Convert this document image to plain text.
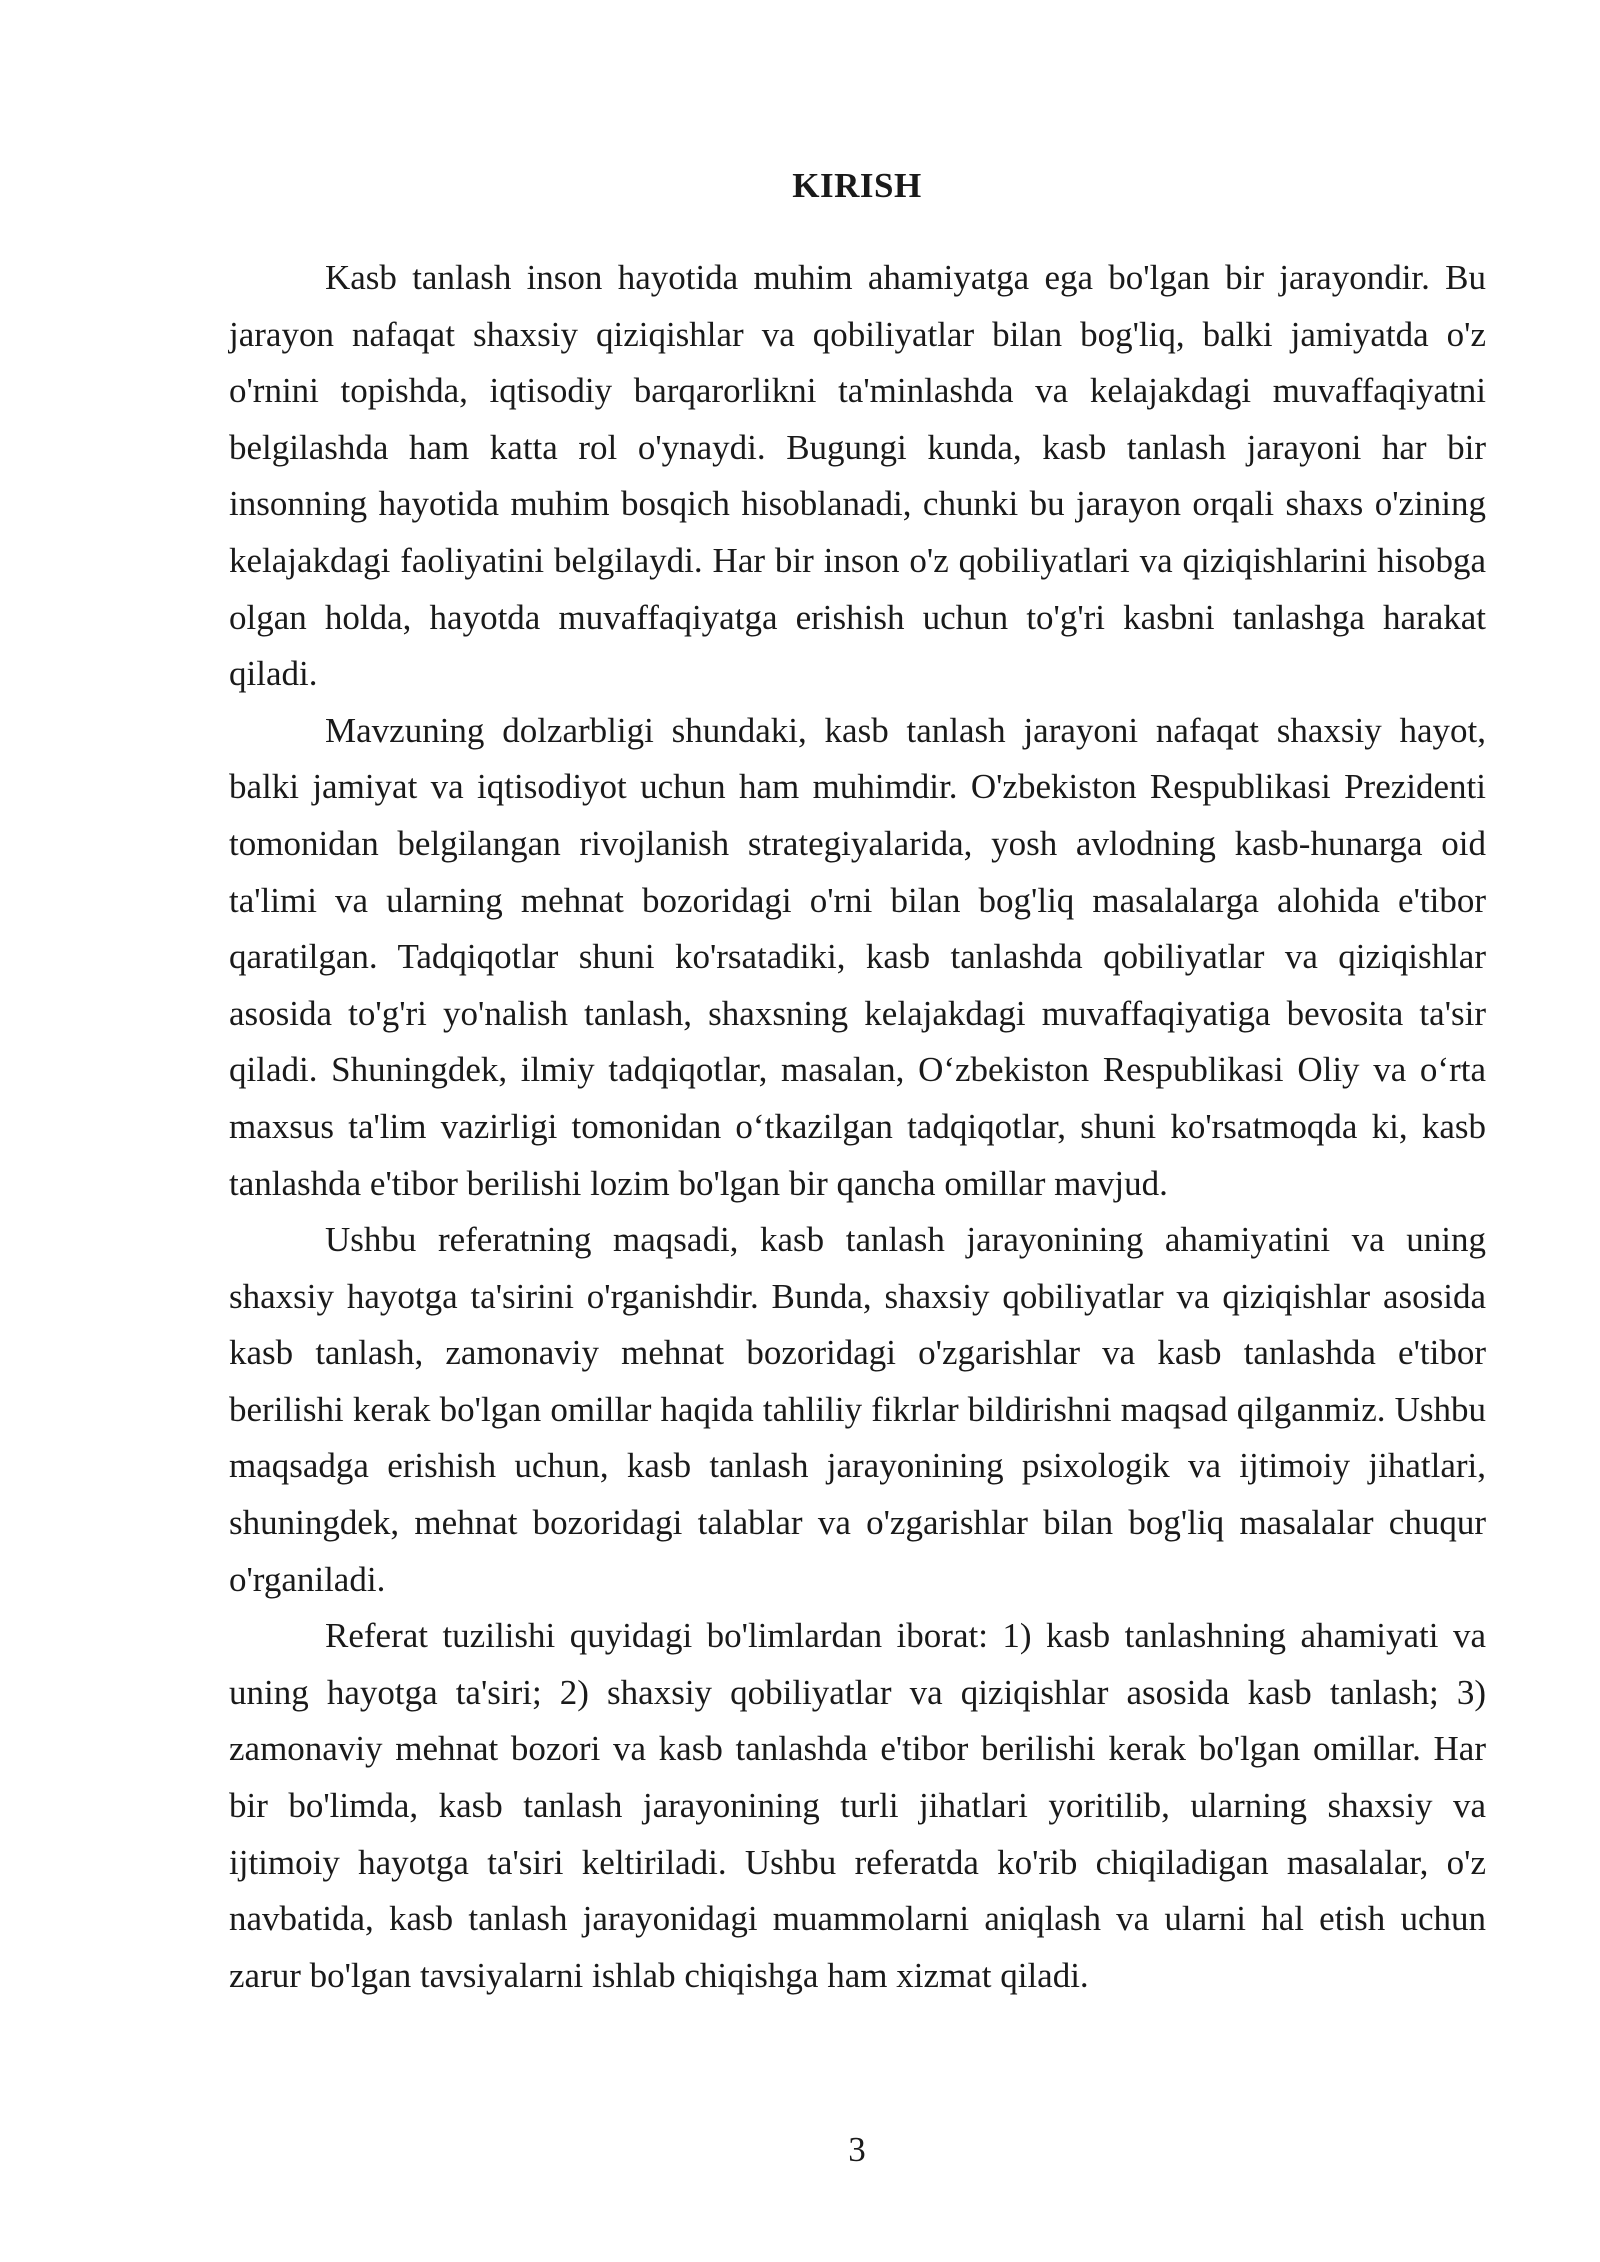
KIRISH

Kasb tanlash inson hayotida muhim ahamiyatga ega bo'lgan bir jarayondir. Bu jarayon nafaqat shaxsiy qiziqishlar va qobiliyatlar bilan bog'liq, balki jamiyatda o'z o'rnini topishda, iqtisodiy barqarorlikni ta'minlashda va kelajakdagi muvaffaqiyatni belgilashda ham katta rol o'ynaydi. Bugungi kunda, kasb tanlash jarayoni har bir insonning hayotida muhim bosqich hisoblanadi, chunki bu jarayon orqali shaxs o'zining kelajakdagi faoliyatini belgilaydi. Har bir inson o'z qobiliyatlari va qiziqishlarini hisobga olgan holda, hayotda muvaffaqiyatga erishish uchun to'g'ri kasbni tanlashga harakat qiladi.

Mavzuning dolzarbligi shundaki, kasb tanlash jarayoni nafaqat shaxsiy hayot, balki jamiyat va iqtisodiyot uchun ham muhimdir. O'zbekiston Respublikasi Prezidenti tomonidan belgilangan rivojlanish strategiyalarida, yosh avlodning kasb-hunarga oid ta'limi va ularning mehnat bozoridagi o'rni bilan bog'liq masalalarga alohida e'tibor qaratilgan. Tadqiqotlar shuni ko'rsatadiki, kasb tanlashda qobiliyatlar va qiziqishlar asosida to'g'ri yo'nalish tanlash, shaxsning kelajakdagi muvaffaqiyatiga bevosita ta'sir qiladi. Shuningdek, ilmiy tadqiqotlar, masalan, O‘zbekiston Respublikasi Oliy va o‘rta maxsus ta'lim vazirligi tomonidan o‘tkazilgan tadqiqotlar, shuni ko'rsatmoqda ki, kasb tanlashda e'tibor berilishi lozim bo'lgan bir qancha omillar mavjud.

Ushbu referatning maqsadi, kasb tanlash jarayonining ahamiyatini va uning shaxsiy hayotga ta'sirini o'rganishdir. Bunda, shaxsiy qobiliyatlar va qiziqishlar asosida kasb tanlash, zamonaviy mehnat bozoridagi o'zgarishlar va kasb tanlashda e'tibor berilishi kerak bo'lgan omillar haqida tahliliy fikrlar bildirishni maqsad qilganmiz. Ushbu maqsadga erishish uchun, kasb tanlash jarayonining psixologik va ijtimoiy jihatlari, shuningdek, mehnat bozoridagi talablar va o'zgarishlar bilan bog'liq masalalar chuqur o'rganiladi.

Referat tuzilishi quyidagi bo'limlardan iborat: 1) kasb tanlashning ahamiyati va uning hayotga ta'siri; 2) shaxsiy qobiliyatlar va qiziqishlar asosida kasb tanlash; 3) zamonaviy mehnat bozori va kasb tanlashda e'tibor berilishi kerak bo'lgan omillar. Har bir bo'limda, kasb tanlash jarayonining turli jihatlari yoritilib, ularning shaxsiy va ijtimoiy hayotga ta'siri keltiriladi. Ushbu referatda ko'rib chiqiladigan masalalar, o'z navbatida, kasb tanlash jarayonidagi muammolarni aniqlash va ularni hal etish uchun zarur bo'lgan tavsiyalarni ishlab chiqishga ham xizmat qiladi.

3
